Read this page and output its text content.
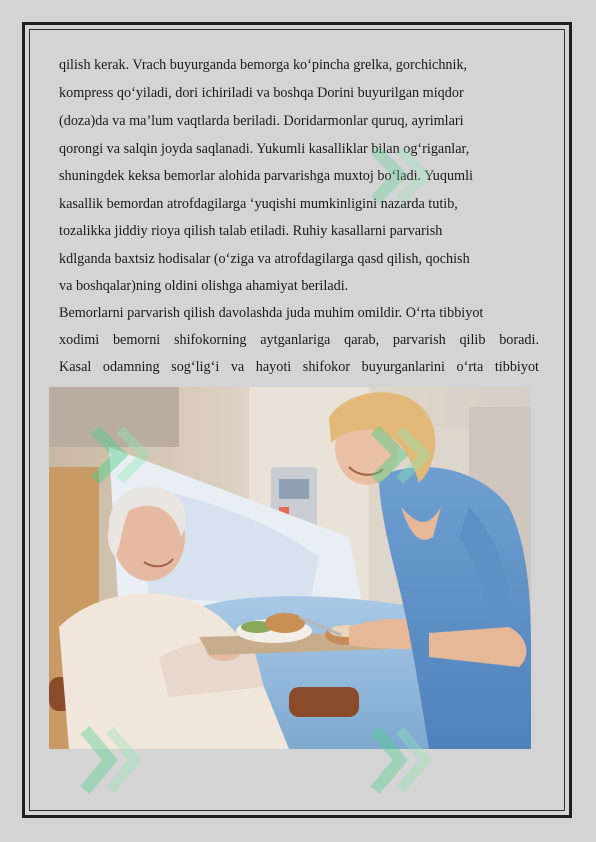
qilish kerak. Vrach buyurganda bemorga ko‘pincha grelka, gorchichnik,

kompress qo‘yiladi, dori ichiriladi va boshqa Dorini buyurilgan miqdor

(doza)da va ma’lum vaqtlarda beriladi. Doridarmonlar quruq, ayrimlari

qorongi va salqin joyda saqlanadi. Yukumli kasalliklar bilan og‘riganlar,

shuningdek keksa bemorlar alohida parvarishga muxtoj bo‘ladi. Yuqumli

kasallik bemordan atrofdagilarga ‘yuqishi mumkinligini nazarda tutib,

tozalikka jiddiy rioya qilish talab etiladi. Ruhiy kasallarni parvarish

kdlganda baxtsiz hodisalar (o‘ziga va atrofdagilarga qasd qilish, qochish

va boshqalar)ning oldini olishga ahamiyat beriladi.

Bemorlarni parvarish qilish davolashda juda muhim omildir. O‘rta tibbiyot

xodimi bemorni shifokorning aytganlariga qarab, parvarish qilib boradi.

Kasal odamning sog‘lig‘i va hayoti shifokor buyurganlarini o‘rta tibbiyot
